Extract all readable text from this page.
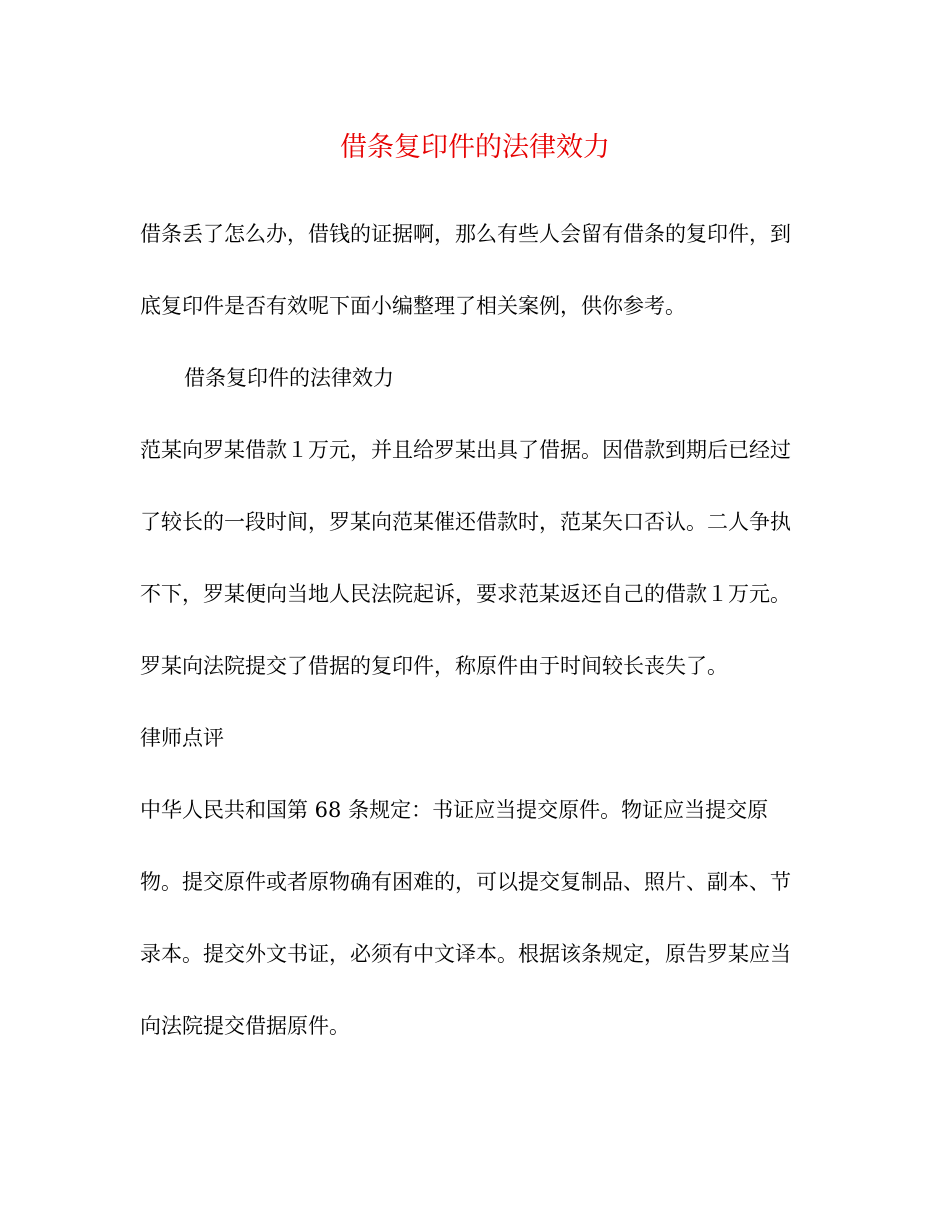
借条复印件的法律效力
借条丢了怎么办，借钱的证据啊，那么有些人会留有借条的复印件，到
底复印件是否有效呢下面小编整理了相关案例，供你参考。
借条复印件的法律效力
范某向罗某借款１万元，并且给罗某出具了借据。因借款到期后已经过
了较长的一段时间，罗某向范某催还借款时，范某矢口否认。二人争执
不下，罗某便向当地人民法院起诉，要求范某返还自己的借款１万元。
罗某向法院提交了借据的复印件，称原件由于时间较长丧失了。
律师点评
中华人民共和国第 68 条规定：书证应当提交原件。物证应当提交原
物。提交原件或者原物确有困难的，可以提交复制品、照片、副本、节
录本。提交外文书证，必须有中文译本。根据该条规定，原告罗某应当
向法院提交借据原件。
